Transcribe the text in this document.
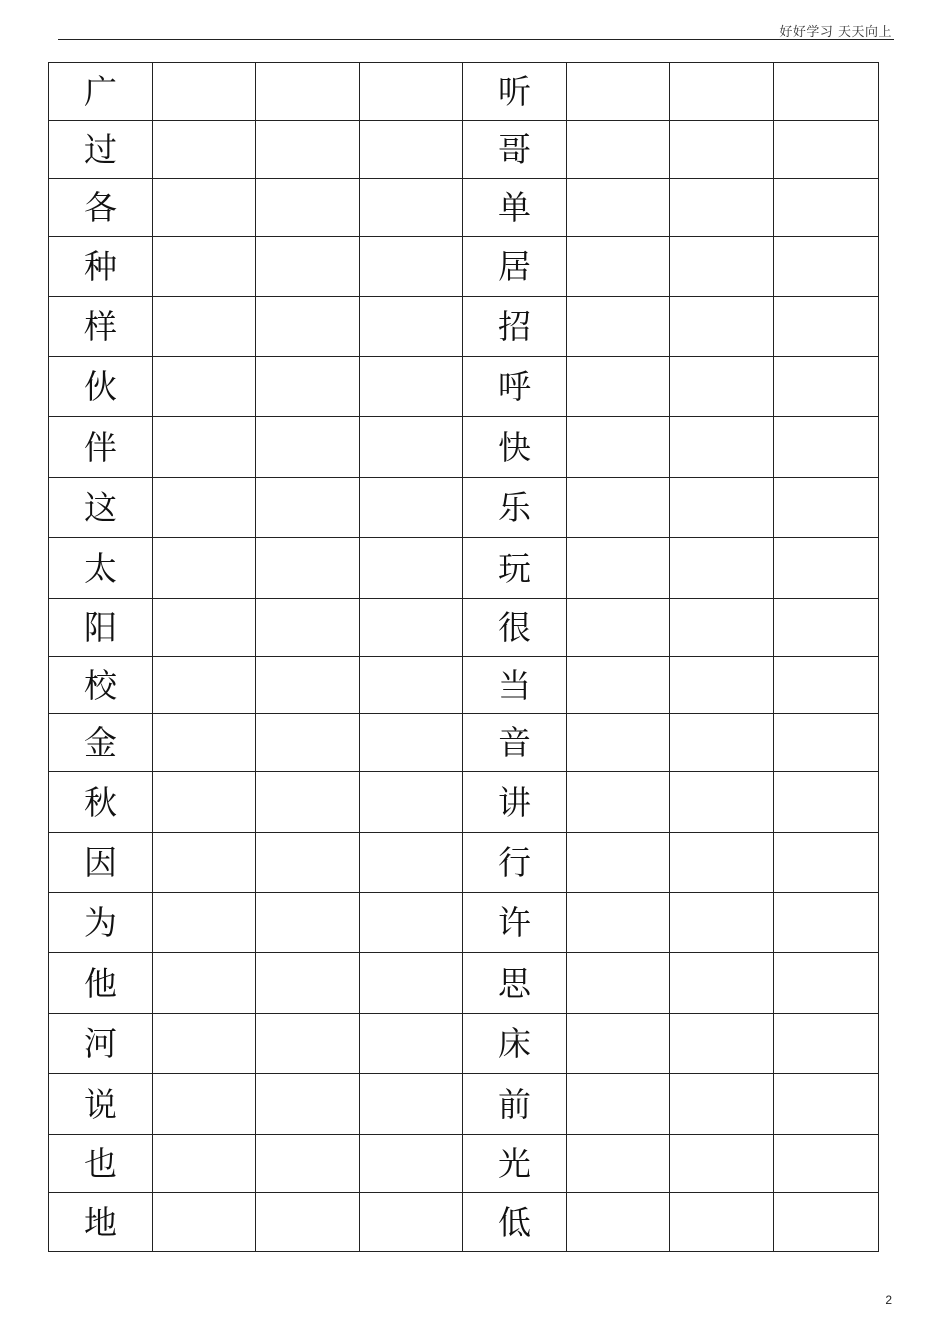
好好学习 天天向上
广				听			
过				哥			
各				单			
种				居			
样				招			
伙				呼			
伴				快			
这				乐			
太				玩			
阳				很			
校				当			
金				音			
秋				讲			
因				行			
为				许			
他				思			
河				床			
说				前			
也				光			
地				低			
2
